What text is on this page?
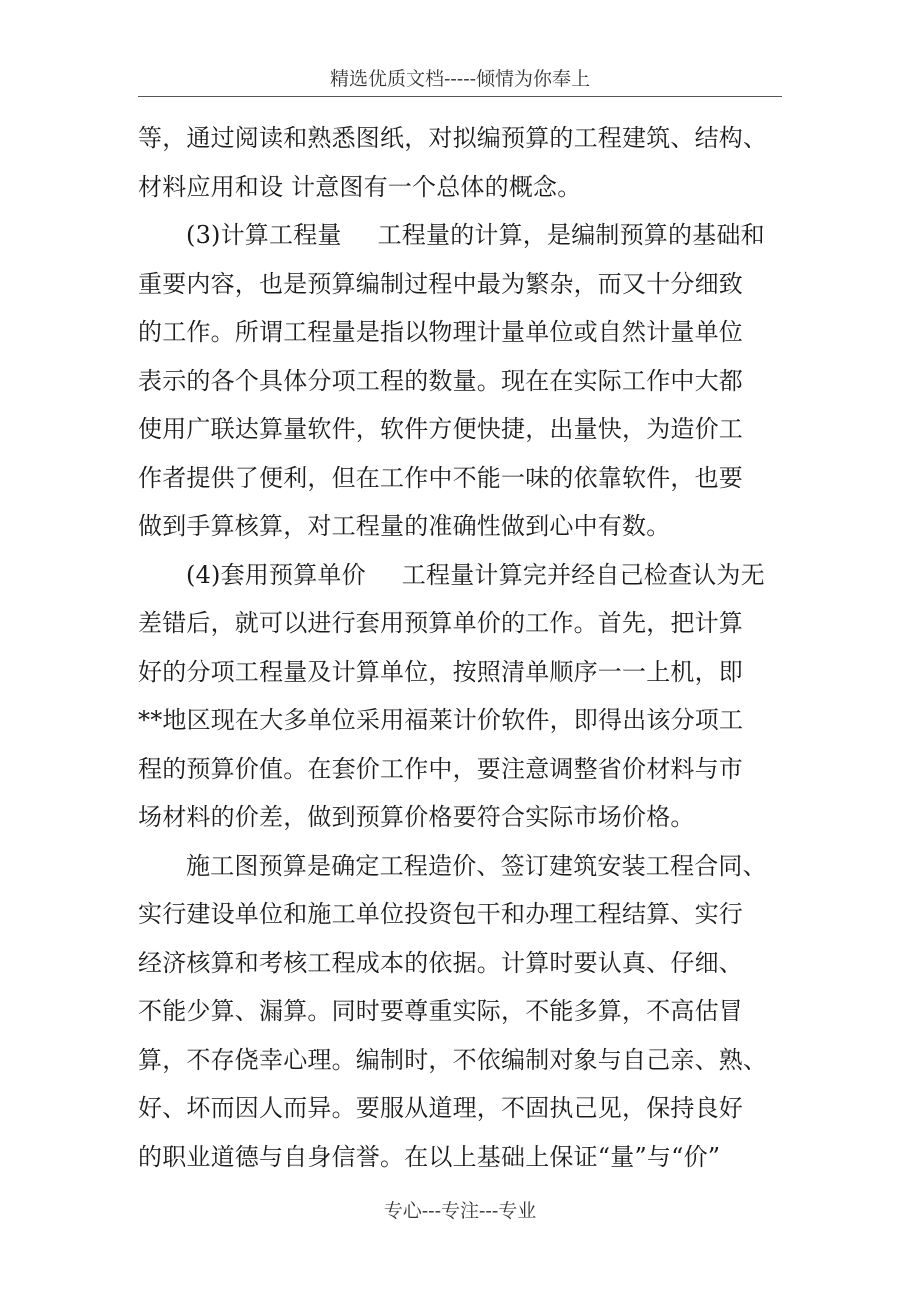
精选优质文档-----倾情为你奉上
等，通过阅读和熟悉图纸，对拟编预算的工程建筑、结构、
材料应用和设 计意图有一个总体的概念。
(3)计算工程量 工程量的计算，是编制预算的基础和
重要内容，也是预算编制过程中最为繁杂，而又十分细致
的工作。所谓工程量是指以物理计量单位或自然计量单位
表示的各个具体分项工程的数量。现在在实际工作中大都
使用广联达算量软件，软件方便快捷，出量快，为造价工
作者提供了便利，但在工作中不能一味的依靠软件，也要
做到手算核算，对工程量的准确性做到心中有数。
(4)套用预算单价 工程量计算完并经自己检查认为无
差错后，就可以进行套用预算单价的工作。首先，把计算
好的分项工程量及计算单位，按照清单顺序一一上机，即
**地区现在大多单位采用福莱计价软件，即得出该分项工
程的预算价值。在套价工作中，要注意调整省价材料与市
场材料的价差，做到预算价格要符合实际市场价格。
施工图预算是确定工程造价、签订建筑安装工程合同、
实行建设单位和施工单位投资包干和办理工程结算、实行
经济核算和考核工程成本的依据。计算时要认真、仔细、
不能少算、漏算。同时要尊重实际，不能多算，不高估冒
算，不存侥幸心理。编制时，不依编制对象与自己亲、熟、
好、坏而因人而异。要服从道理，不固执己见，保持良好
的职业道德与自身信誉。在以上基础上保证“量”与“价”
专心---专注---专业
